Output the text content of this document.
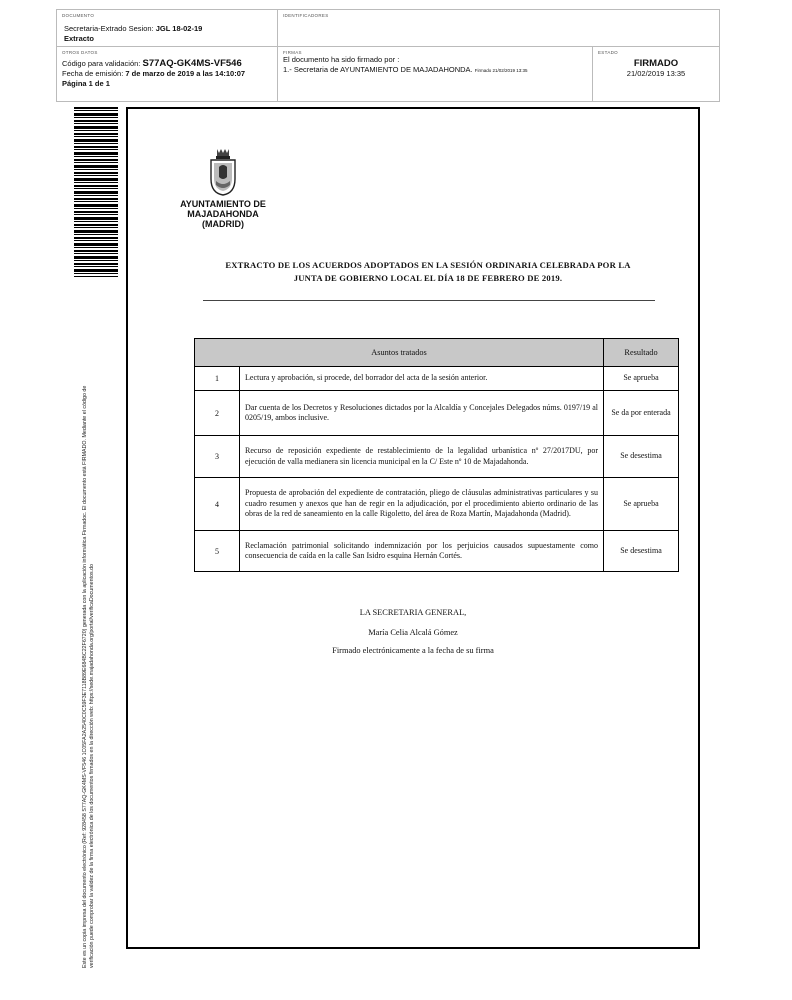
DOCUMENTO
Secretaria-Extrado Sesion: JGL 18-02-19
Extracto
IDENTIFICADORES
OTROS DATOS
Código para validación: S77AQ-GK4MS-VF546
Fecha de emisión: 7 de marzo de 2019 a las 14:10:07
Página 1 de 1
FIRMAS
El documento ha sido firmado por :
1.- Secretaria de AYUNTAMIENTO DE MAJADAHONDA. Firmado 21/02/2019 13:35
ESTADO
FIRMADO
21/02/2019 13:35
Este es un copia impresa del documento electrónico (Ref: 928458 S77AQ-GK4MS-VF546 1C05FA2A2540C0C59F3E7118B89E684BC22F6720) generada con la aplicación informática Firmadoc. El documento está FIRMADO. Mediante el código de verificación puede comprobar la validez de la firma electrónica de los documentos firmados en la dirección web: https://sede.majadahonda.org/portal/verificaDocumentos.do
AYUNTAMIENTO DE
MAJADAHONDA
(MADRID)
EXTRACTO DE LOS ACUERDOS ADOPTADOS EN LA SESIÓN ORDINARIA CELEBRADA POR LA
JUNTA DE GOBIERNO LOCAL EL DÍA 18 DE FEBRERO DE 2019.
Asuntos tratados		Resultado
1	Lectura y aprobación, si procede, del borrador del acta de la sesión anterior.	Se aprueba
2	Dar cuenta de los Decretos y Resoluciones dictados por la Alcaldía y Concejales Delegados núms. 0197/19 al 0205/19, ambos inclusive.	Se da por enterada
3	Recurso de reposición expediente de restablecimiento de la legalidad urbanística nº 27/2017DU, por ejecución de valla medianera sin licencia municipal en la C/ Este nº 10 de Majadahonda.	Se desestima
4	Propuesta de aprobación del expediente de contratación, pliego de cláusulas administrativas particulares y su cuadro resumen y anexos que han de regir en la adjudicación, por el procedimiento abierto ordinario de las obras de la red de saneamiento en la calle Rigoletto, del área de Roza Martín, Majadahonda (Madrid).	Se aprueba
5	Reclamación patrimonial solicitando indemnización por los perjuicios causados supuestamente como consecuencia de caída en la calle San Isidro esquina Hernán Cortés.	Se desestima
LA SECRETARIA GENERAL,
María Celia Alcalá Gómez
Firmado electrónicamente a la fecha de su firma
